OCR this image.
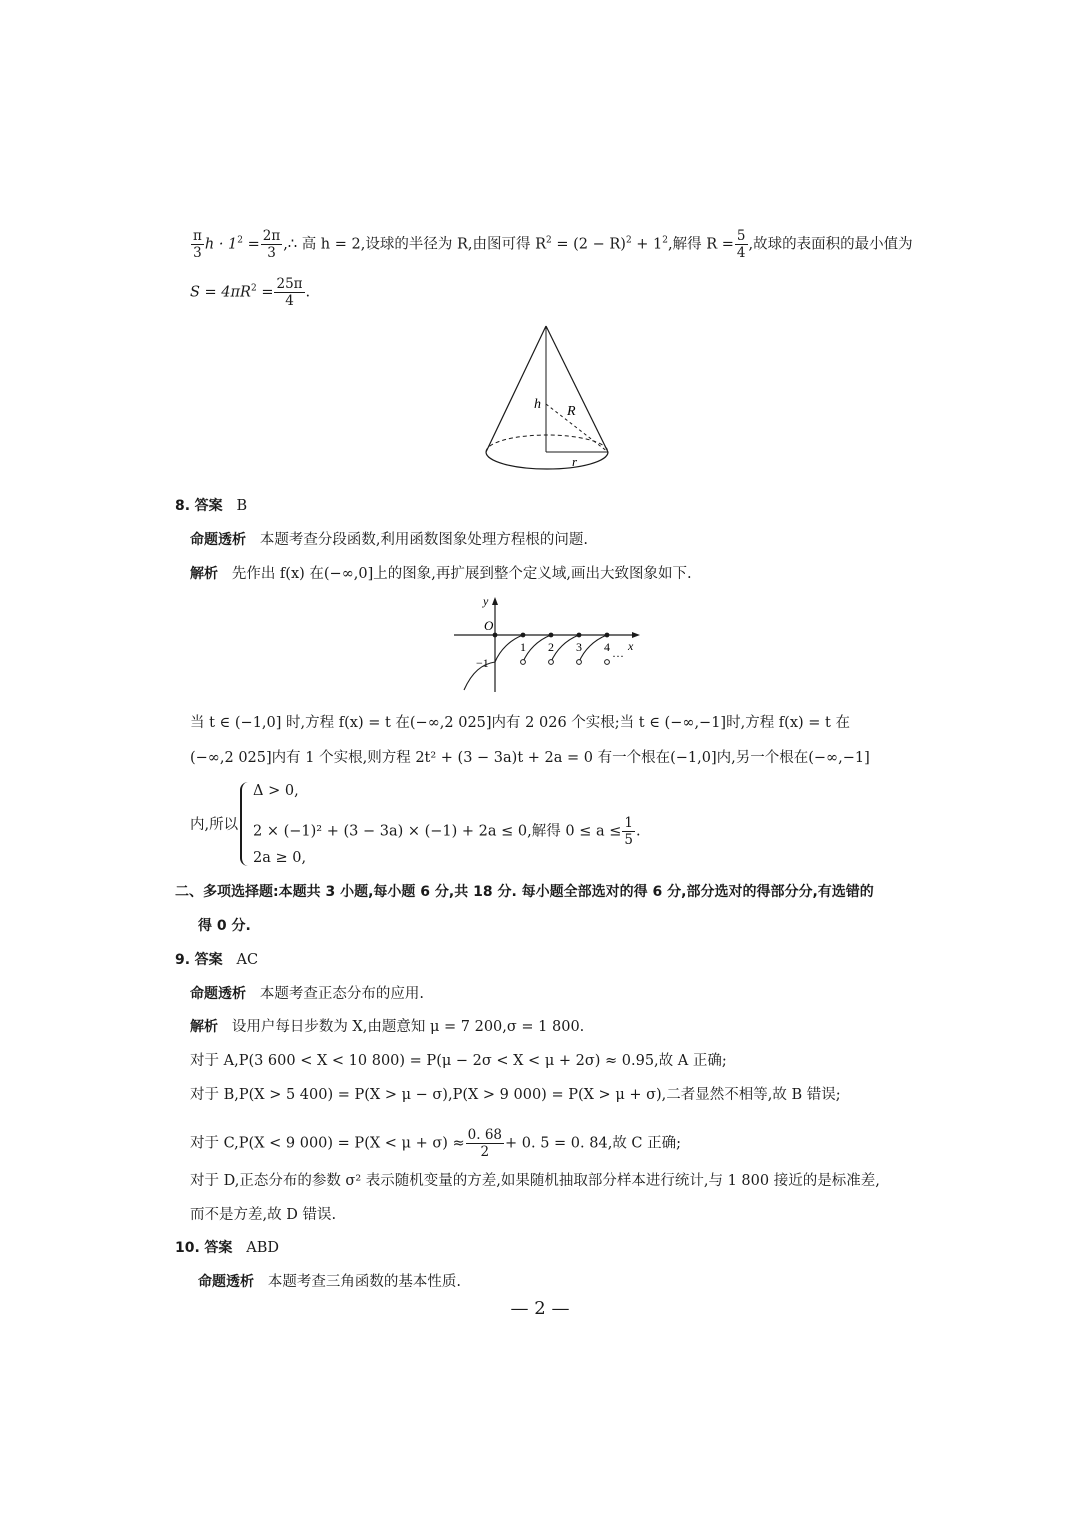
$\frac{\pi}{3}$ $h \cdot 1^2 = \frac{2\pi}{3}$ ,∴ 高 h = 2,设球的半径为 R,由图可得 $R^2 = (2 - R)^2 + 1^2$,解得 $R = \frac{5}{4}$ ,故球的表面积的最小值为
$S = 4\pi R^2 = \frac{25\pi}{4}$ .
h R
r
8. 答案 B
命题透析 本题考查分段函数,利用函数图象处理方程根的问题.
解析 先作出 f(x) 在(−∞,0]上的图象,再扩展到整个定义域,画出大致图象如下.
y
x
O
−1
1 2 3 4
···
当 t ∈ (−1,0] 时,方程 f(x) = t 在(−∞,2 025]内有 2 026 个实根;当 t ∈ (−∞,−1]时,方程 f(x) = t 在
(−∞,2 025]内有 1 个实根,则方程 2t² + (3 − 3a)t + 2a = 0 有一个根在(−1,0]内,另一个根在(−∞,−1]
内,所以
Δ > 0,
2 × (−1)² + (3 − 3a) × (−1) + 2a ≤ 0,解得 $0 \le a \le \frac{1}{5}$ .
2a ≥ 0,
二、多项选择题:本题共 3 小题,每小题 6 分,共 18 分. 每小题全部选对的得 6 分,部分选对的得部分分,有选错的
得 0 分.
9. 答案 AC
命题透析 本题考查正态分布的应用.
解析 设用户每日步数为 X,由题意知 μ = 7 200,σ = 1 800.
对于 A,P(3 600 < X < 10 800) = P(μ − 2σ < X < μ + 2σ) ≈ 0.95,故 A 正确;
对于 B,P(X > 5 400) = P(X > μ − σ),P(X > 9 000) = P(X > μ + σ),二者显然不相等,故 B 错误;
对于 C,P(X < 9 $000) = P(X < \mu + \sigma) \approx \frac{0. 68}{2} + 0$. 5 = 0. 84,故 C 正确;
对于 D,正态分布的参数 σ² 表示随机变量的方差,如果随机抽取部分样本进行统计,与 1 800 接近的是标准差,
而不是方差,故 D 错误.
10. 答案 ABD
命题透析 本题考查三角函数的基本性质.
— 2 —
